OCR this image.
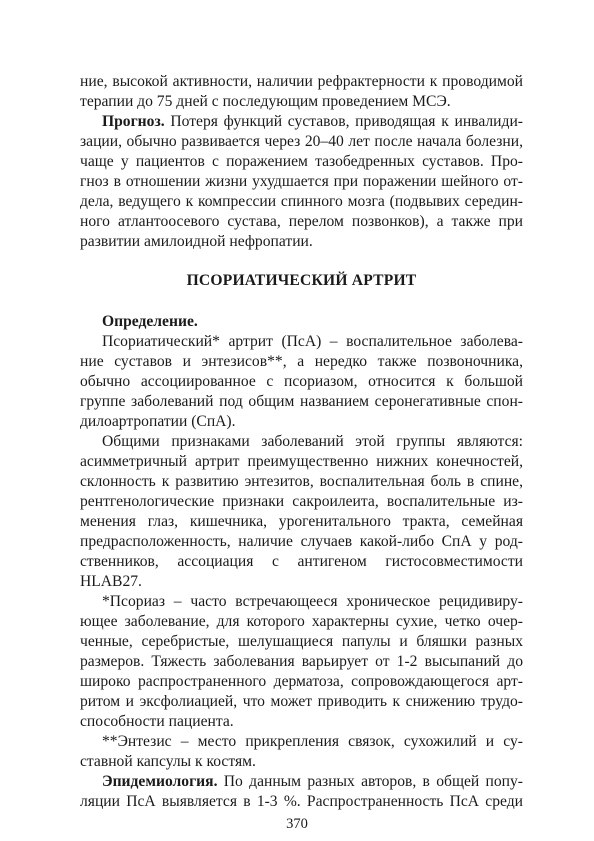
ние, высокой активности, наличии рефрактерности к проводимой
терапии до 75 дней с последующим проведением МСЭ.
Прогноз. Потеря функций суставов, приводящая к инвалиди-
зации, обычно развивается через 20–40 лет после начала болезни,
чаще у пациентов с поражением тазобедренных суставов. Про-
гноз в отношении жизни ухудшается при поражении шейного от-
дела, ведущего к компрессии спинного мозга (подвывих середин-
ного атлантоосевого сустава, перелом позвонков), а также при
развитии амилоидной нефропатии.
ПСОРИАТИЧЕСКИЙ АРТРИТ
Определение.
Псориатический* артрит (ПсА) – воспалительное заболева-
ние суставов и энтезисов**, а нередко также позвоночника,
обычно ассоциированное с псориазом, относится к большой
группе заболеваний под общим названием серонегативные спон-
дилоартропатии (СпА).
Общими признаками заболеваний этой группы являются:
асимметричный артрит преимущественно нижних конечностей,
склонность к развитию энтезитов, воспалительная боль в спине,
рентгенологические признаки сакроилеита, воспалительные из-
менения глаз, кишечника, урогенитального тракта, семейная
предрасположенность, наличие случаев какой-либо СпА у род-
ственников, ассоциация с антигеном гистосовместимости
HLAB27.
*Псориаз – часто встречающееся хроническое рецидивиру-
ющее заболевание, для которого характерны сухие, четко очер-
ченные, серебристые, шелушащиеся папулы и бляшки разных
размеров. Тяжесть заболевания варьирует от 1-2 высыпаний до
широко распространенного дерматоза, сопровождающегося арт-
ритом и эксфолиацией, что может приводить к снижению трудо-
способности пациента.
**Энтезис – место прикрепления связок, сухожилий и су-
ставной капсулы к костям.
Эпидемиология. По данным разных авторов, в общей попу-
ляции ПсА выявляется в 1-3 %. Распространенность ПсА среди
370
